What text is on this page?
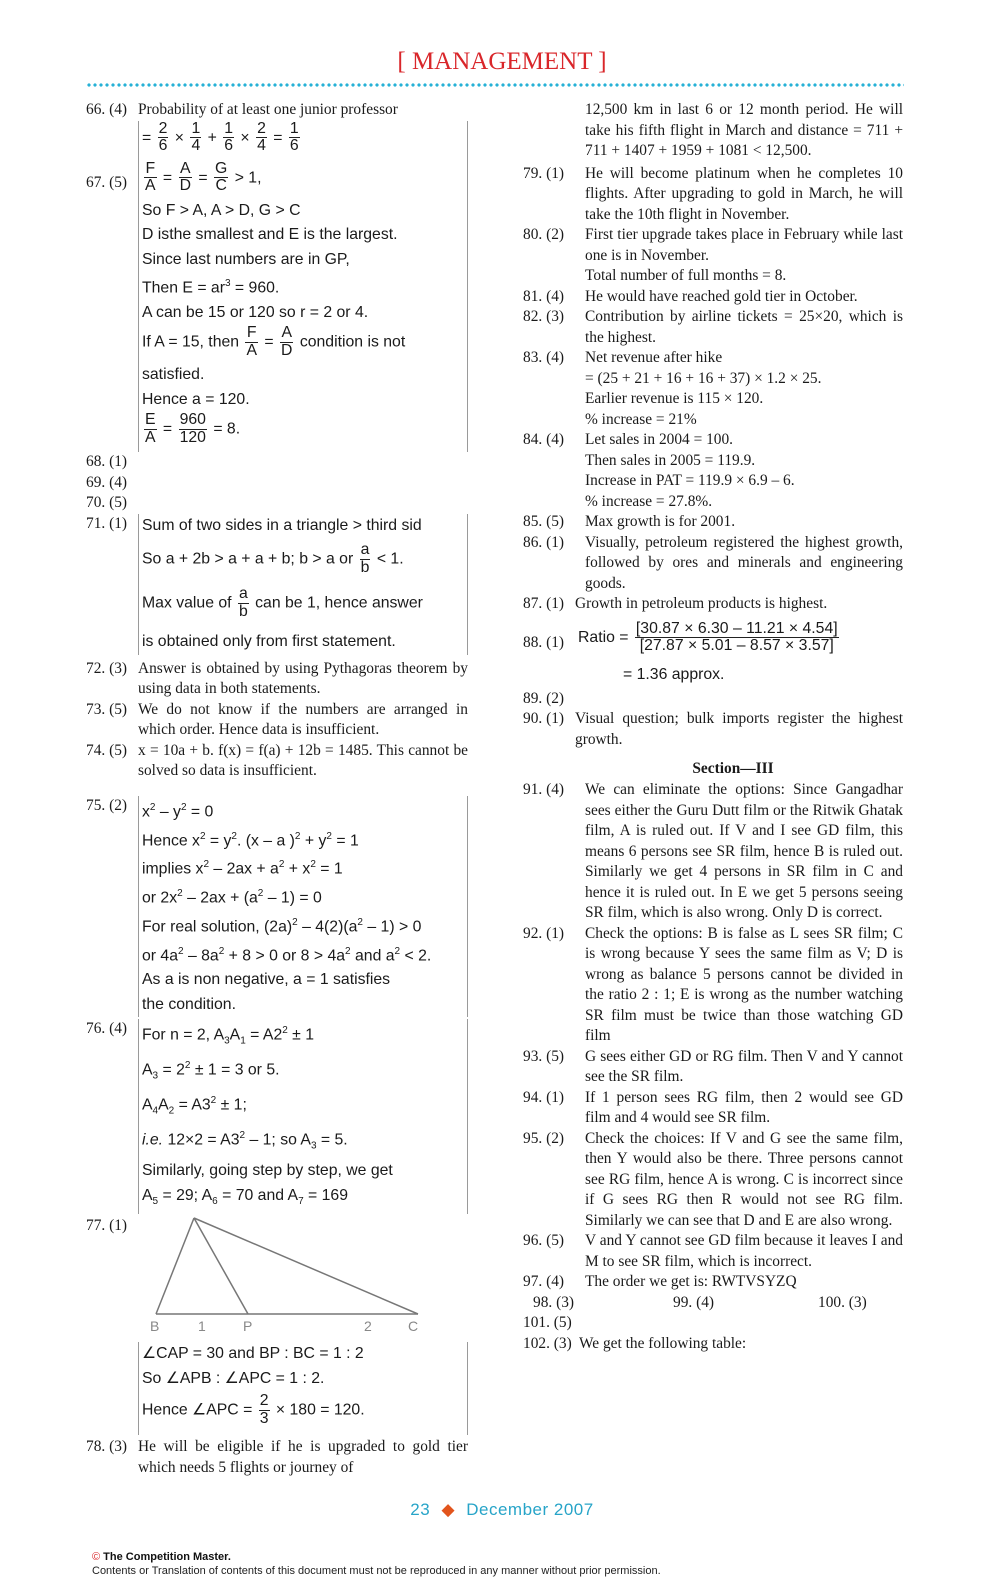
[ MANAGEMENT ]
66. (4) Probability of at least one junior professor
= $\frac{2}{6} \times \frac{1}{4} + \frac{1}{6} \times \frac{2}{4} = \frac{1}{6}$
67. $(5) \frac{F}{A} = \frac{A}{D} = \frac{G}{C} > 1$,
So F > A, A > D, G > C
D isthe smallest and E is the largest.
Since last numbers are in GP,
Then $E = ar^3 = 960$.
A can be 15 or 120 so r = 2 or 4.
If A = 15, then $\frac{F}{A} = \frac{A}{D}$ condition is not
satisfied.
Hence a = 120.
$\frac{E}{A} = \frac{960}{120} = 8$.
68. (1)
69. (4)
70. (5)
71. (1) Sum of two sides in a triangle > third sid
So a + 2b > a + a + b; b > a or $\frac{a}{b} < 1$.
Max value of $\frac{a}{b}$ can be 1, hence answer
is obtained only from first statement.
72. (3) Answer is obtained by using Pythagoras theorem by using data in both statements.
73. (5) We do not know if the numbers are arranged in which order. Hence data is insufficient.
74. (5) x = 10a + b. f(x) = f(a) + 12b = 1485. This cannot be solved so data is insufficient.
75. (2) $x^2 - y^2 = 0$
Hence $x^2 = y^2$. (x – a )$^2 + y^2 = 1$
implies $x^2 - 2ax + a^2 + x^2 = 1$
or $2x^2 - 2ax + (a^2 - 1) = 0$
For real solution, $(2a)^2 - 4(2)(a^2 - 1) > 0$
or $4a^2 - 8a^2 + 8 > 0$ or $8 > 4a^2$ and $a^2 < 2$.
As a is non negative, a = 1 satisfies
the condition.
76. (4) For n = 2, $A_3A_1 = A2^2 \pm 1$
$A_3 = 2^2 \pm 1 = 3$ or 5.
$A_4A_2 = A3^2 \pm 1$;
i.e. $12\times 2 = A3^2 - 1$; so $A_3 = 5$.
Similarly, going step by step, we get
$A_5 = 29$; $A_6 = 70$ and $A_7 = 169$
77. (1)
B	1	P	2	C
∠CAP = 30 and BP : BC = 1 : 2
So ∠APB : ∠APC = 1 : 2.
Hence ∠APC = $\frac{2}{3} \times 180 = 120$.
78. (3) He will be eligible if he is upgraded to gold tier which needs 5 flights or journey of
12,500 km in last 6 or 12 month period. He will take his fifth flight in March and distance = 711 + 711 + 1407 + 1959 + 1081 < 12,500.
79. (1) He will become platinum when he completes 10 flights. After upgrading to gold in March, he will take the 10th flight in November.
80. (2) First tier upgrade takes place in February while last one is in November.
Total number of full months = 8.
81. (4) He would have reached gold tier in October.
82. (3) Contribution by airline tickets = 25×20, which is the highest.
83. (4) Net revenue after hike
= (25 + 21 + 16 + 16 + 37) × 1.2 × 25.
Earlier revenue is 115 × 120.
% increase = 21%
84. (4) Let sales in 2004 = 100.
Then sales in 2005 = 119.9.
Increase in PAT = 119.9 × 6.9 – 6.
% increase = 27.8%.
85. (5) Max growth is for 2001.
86. (1) Visually, petroleum registered the highest growth, followed by ores and minerals and engineering goods.
87. (1) Growth in petroleum products is highest.
88. (1) Ratio = $\frac{[30.87 \times 6.30 - 11.21 \times 4.54]}{[27.87 \times 5.01 - 8.57 \times 3.57]}$
= 1.36 approx.
89. (2)
90. (1) Visual question; bulk imports register the highest growth.
Section—III
91. (4) We can eliminate the options: Since Gangadhar sees either the Guru Dutt film or the Ritwik Ghatak film, A is ruled out. If V and I see GD film, this means 6 persons see SR film, hence B is ruled out. Similarly we get 4 persons in SR film in C and hence it is ruled out. In E we get 5 persons seeing SR film, which is also wrong. Only D is correct.
92. (1) Check the options: B is false as L sees SR film; C is wrong because Y sees the same film as V; D is wrong as balance 5 persons cannot be divided in the ratio 2 : 1; E is wrong as the number watching SR film must be twice than those watching GD film
93. (5) G sees either GD or RG film. Then V and Y cannot see the SR film.
94. (1) If 1 person sees RG film, then 2 would see GD film and 4 would see SR film.
95. (2) Check the choices: If V and G see the same film, then Y would also be there. Three persons cannot see RG film, hence A is wrong. C is incorrect since if G sees RG then R would not see RG film. Similarly we can see that D and E are also wrong.
96. (5) V and Y cannot see GD film because it leaves I and M to see SR film, which is incorrect.
97. (4) The order we get is: RWTVSYZQ
98. (3)	99. (4)	100. (3)
101. (5)
102. (3) We get the following table:
23 ◆ December 2007
© The Competition Master.
Contents or Translation of contents of this document must not be reproduced in any manner without prior permission.
